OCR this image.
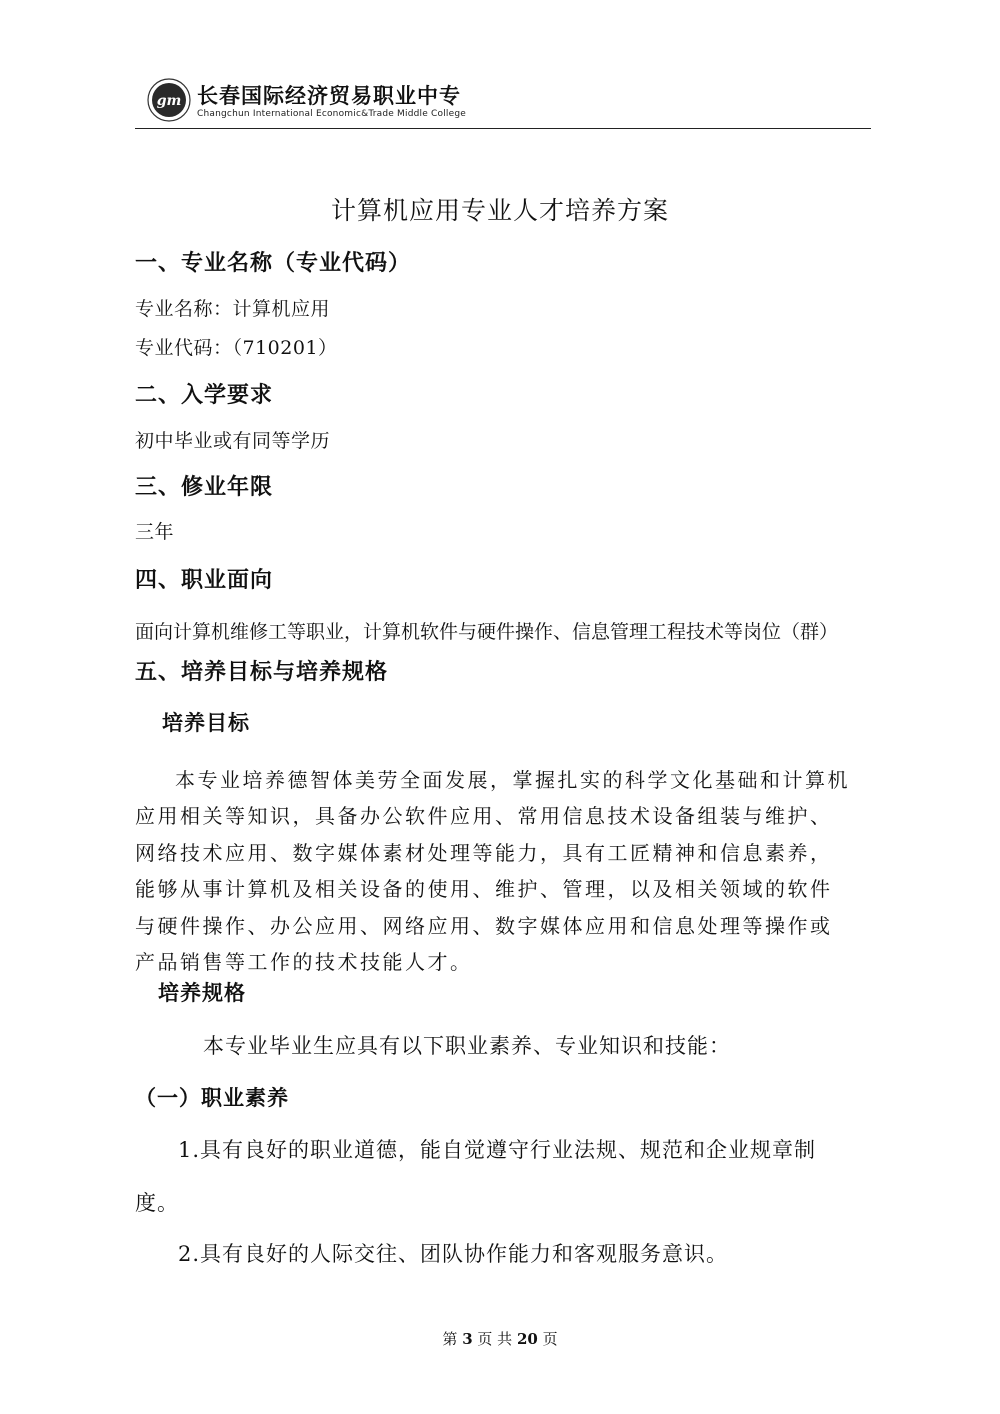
gm 长春国际经济贸易职业中专
Changchun International Economic&Trade Middle College
计算机应用专业人才培养方案
一、专业名称（专业代码）
专业名称：计算机应用
专业代码：（710201）
二、入学要求
初中毕业或有同等学历
三、修业年限
三年
四、职业面向
面向计算机维修工等职业，计算机软件与硬件操作、信息管理工程技术等岗位（群）
五、培养目标与培养规格
培养目标
本专业培养德智体美劳全面发展，掌握扎实的科学文化基础和计算机应用相关等知识，具备办公软件应用、常用信息技术设备组装与维护、网络技术应用、数字媒体素材处理等能力，具有工匠精神和信息素养，能够从事计算机及相关设备的使用、维护、管理，以及相关领域的软件与硬件操作、办公应用、网络应用、数字媒体应用和信息处理等操作或产品销售等工作的技术技能人才。
培养规格
本专业毕业生应具有以下职业素养、专业知识和技能：
（一）职业素养
1.具有良好的职业道德，能自觉遵守行业法规、规范和企业规章制
度。
2.具有良好的人际交往、团队协作能力和客观服务意识。
第 3 页 共 20 页
